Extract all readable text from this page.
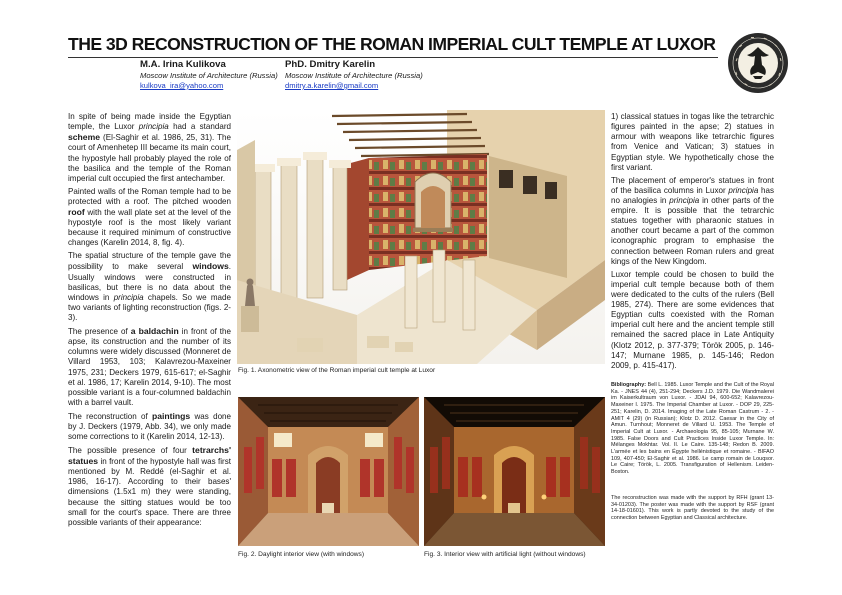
THE 3D RECONSTRUCTION OF THE ROMAN IMPERIAL CULT TEMPLE AT LUXOR
M.A. Irina Kulikova
Moscow Institute of Architecture (Russia)
kulkova_ira@yahoo.com
PhD. Dmitry Karelin
Moscow Institute of Architecture (Russia)
dmitry.a.karelin@gmail.com

In spite of being made inside the Egyptian temple, the Luxor principia had a standard scheme (El-Saghir et al. 1986, 25, 31). The court of Amenhetep III became its main court, the hypostyle hall probably played the role of the basilica and the temple of the Roman imperial cult occupied the first antechamber.

Painted walls of the Roman temple had to be protected with a roof. The pitched wooden roof with the wall plate set at the level of the hypostyle roof is the most likely variant because it required minimum of constructive changes (Karelin 2014, 8, fig. 4).

The spatial structure of the temple gave the possibility to make several windows. Usually windows were constructed in basilicas, but there is no data about the windows in principia chapels. So we made two variants of lighting reconstruction (figs. 2-3).

The presence of a baldachin in front of the apse, its construction and the number of its columns were widely discussed (Monneret de Villard 1953, 103; Kalavrezou-Maxeiner 1975, 231; Deckers 1979, 615-617; el-Saghir et al. 1986, 17; Karelin 2014, 9-10). The most possible variant is a four-columned baldachin with a barrel vault.

The reconstruction of paintings was done by J. Deckers (1979, Abb. 34), we only made some corrections to it (Karelin 2014, 12-13).

The possible presence of four tetrarchs' statues in front of the hypostyle hall was first mentioned by M. Reddé (el-Saghir et al. 1986, 16-17). According to their bases' dimensions (1.5x1 m) they were standing, because the sitting statues would be too small for the court's space. There are three possible variants of their appearance:

Fig. 1. Axonometric view of the Roman imperial cult temple at Luxor
Fig. 2. Daylight interior view (with windows)	Fig. 3. Interior view with artificial light (without windows)

1) classical statues in togas like the tetrarchic figures painted in the apse; 2) statues in armour with weapons like tetrarchic figures from Venice and Vatican; 3) statues in Egyptian style. We hypothetically chose the first variant.

The placement of emperor's statues in front of the basilica columns in Luxor principia has no analogies in principia in other parts of the empire. It is possible that the tetrarchic statues together with pharaonic statues in another court became a part of the common iconographic program to emphasise the connection between Roman rulers and great kings of the New Kingdom.

Luxor temple could be chosen to build the imperial cult temple because both of them were dedicated to the cults of the rulers (Bell 1985, 274). There are some evidences that Egyptian cults coexisted with the Roman imperial cult here and the ancient temple still remained the sacred place in Late Antiquity (Klotz 2012, p. 377-379; Török 2005, p. 146-147; Murnane 1985, p. 145-146; Redon 2009, p. 415-417).

Bibliography: Bell L. 1985. Luxor Temple and the Cult of the Royal Ka. - JNES 44 (4), 251-294; Deckers J.D. 1979. Die Wandmalerei im Kaiserkultraum von Luxor. - JDAI 94, 600-652; Kalavrezou-Maxeiner I. 1975. The Imperial Chamber at Luxor. - DOP 29, 225-251; Karelin, D. 2014. Imaging of the Late Roman Castrum - 2. - AMIT 4 (29) (in Russian); Klotz D. 2012. Caesar in the City of Amun. Turnhout; Monneret de Villard U. 1953. The Temple of Imperial Cult at Luxor. - Archaeologia 95, 85-105; Murnane W. 1985. False Doors and Cult Practices Inside Luxor Temple. In: Mélanges Mokhtar. Vol. II. Le Caire. 135-148; Redon B. 2009. L'armée et les bains en Égypte hellénistique et romaine. - BIFAO 109, 407-450; El-Saghir et al. 1986. Le camp romain de Louqsor. Le Caire; Török, L. 2005. Transfiguration of Hellenism. Leiden- Boston.
The reconstruction was made with the support by RFH (grant 13-34-01203). The poster was made with the support by RSF (grant 14-18-01601). This work is partly devoted to the study of the connection between Egyptian and Classical architecture.
